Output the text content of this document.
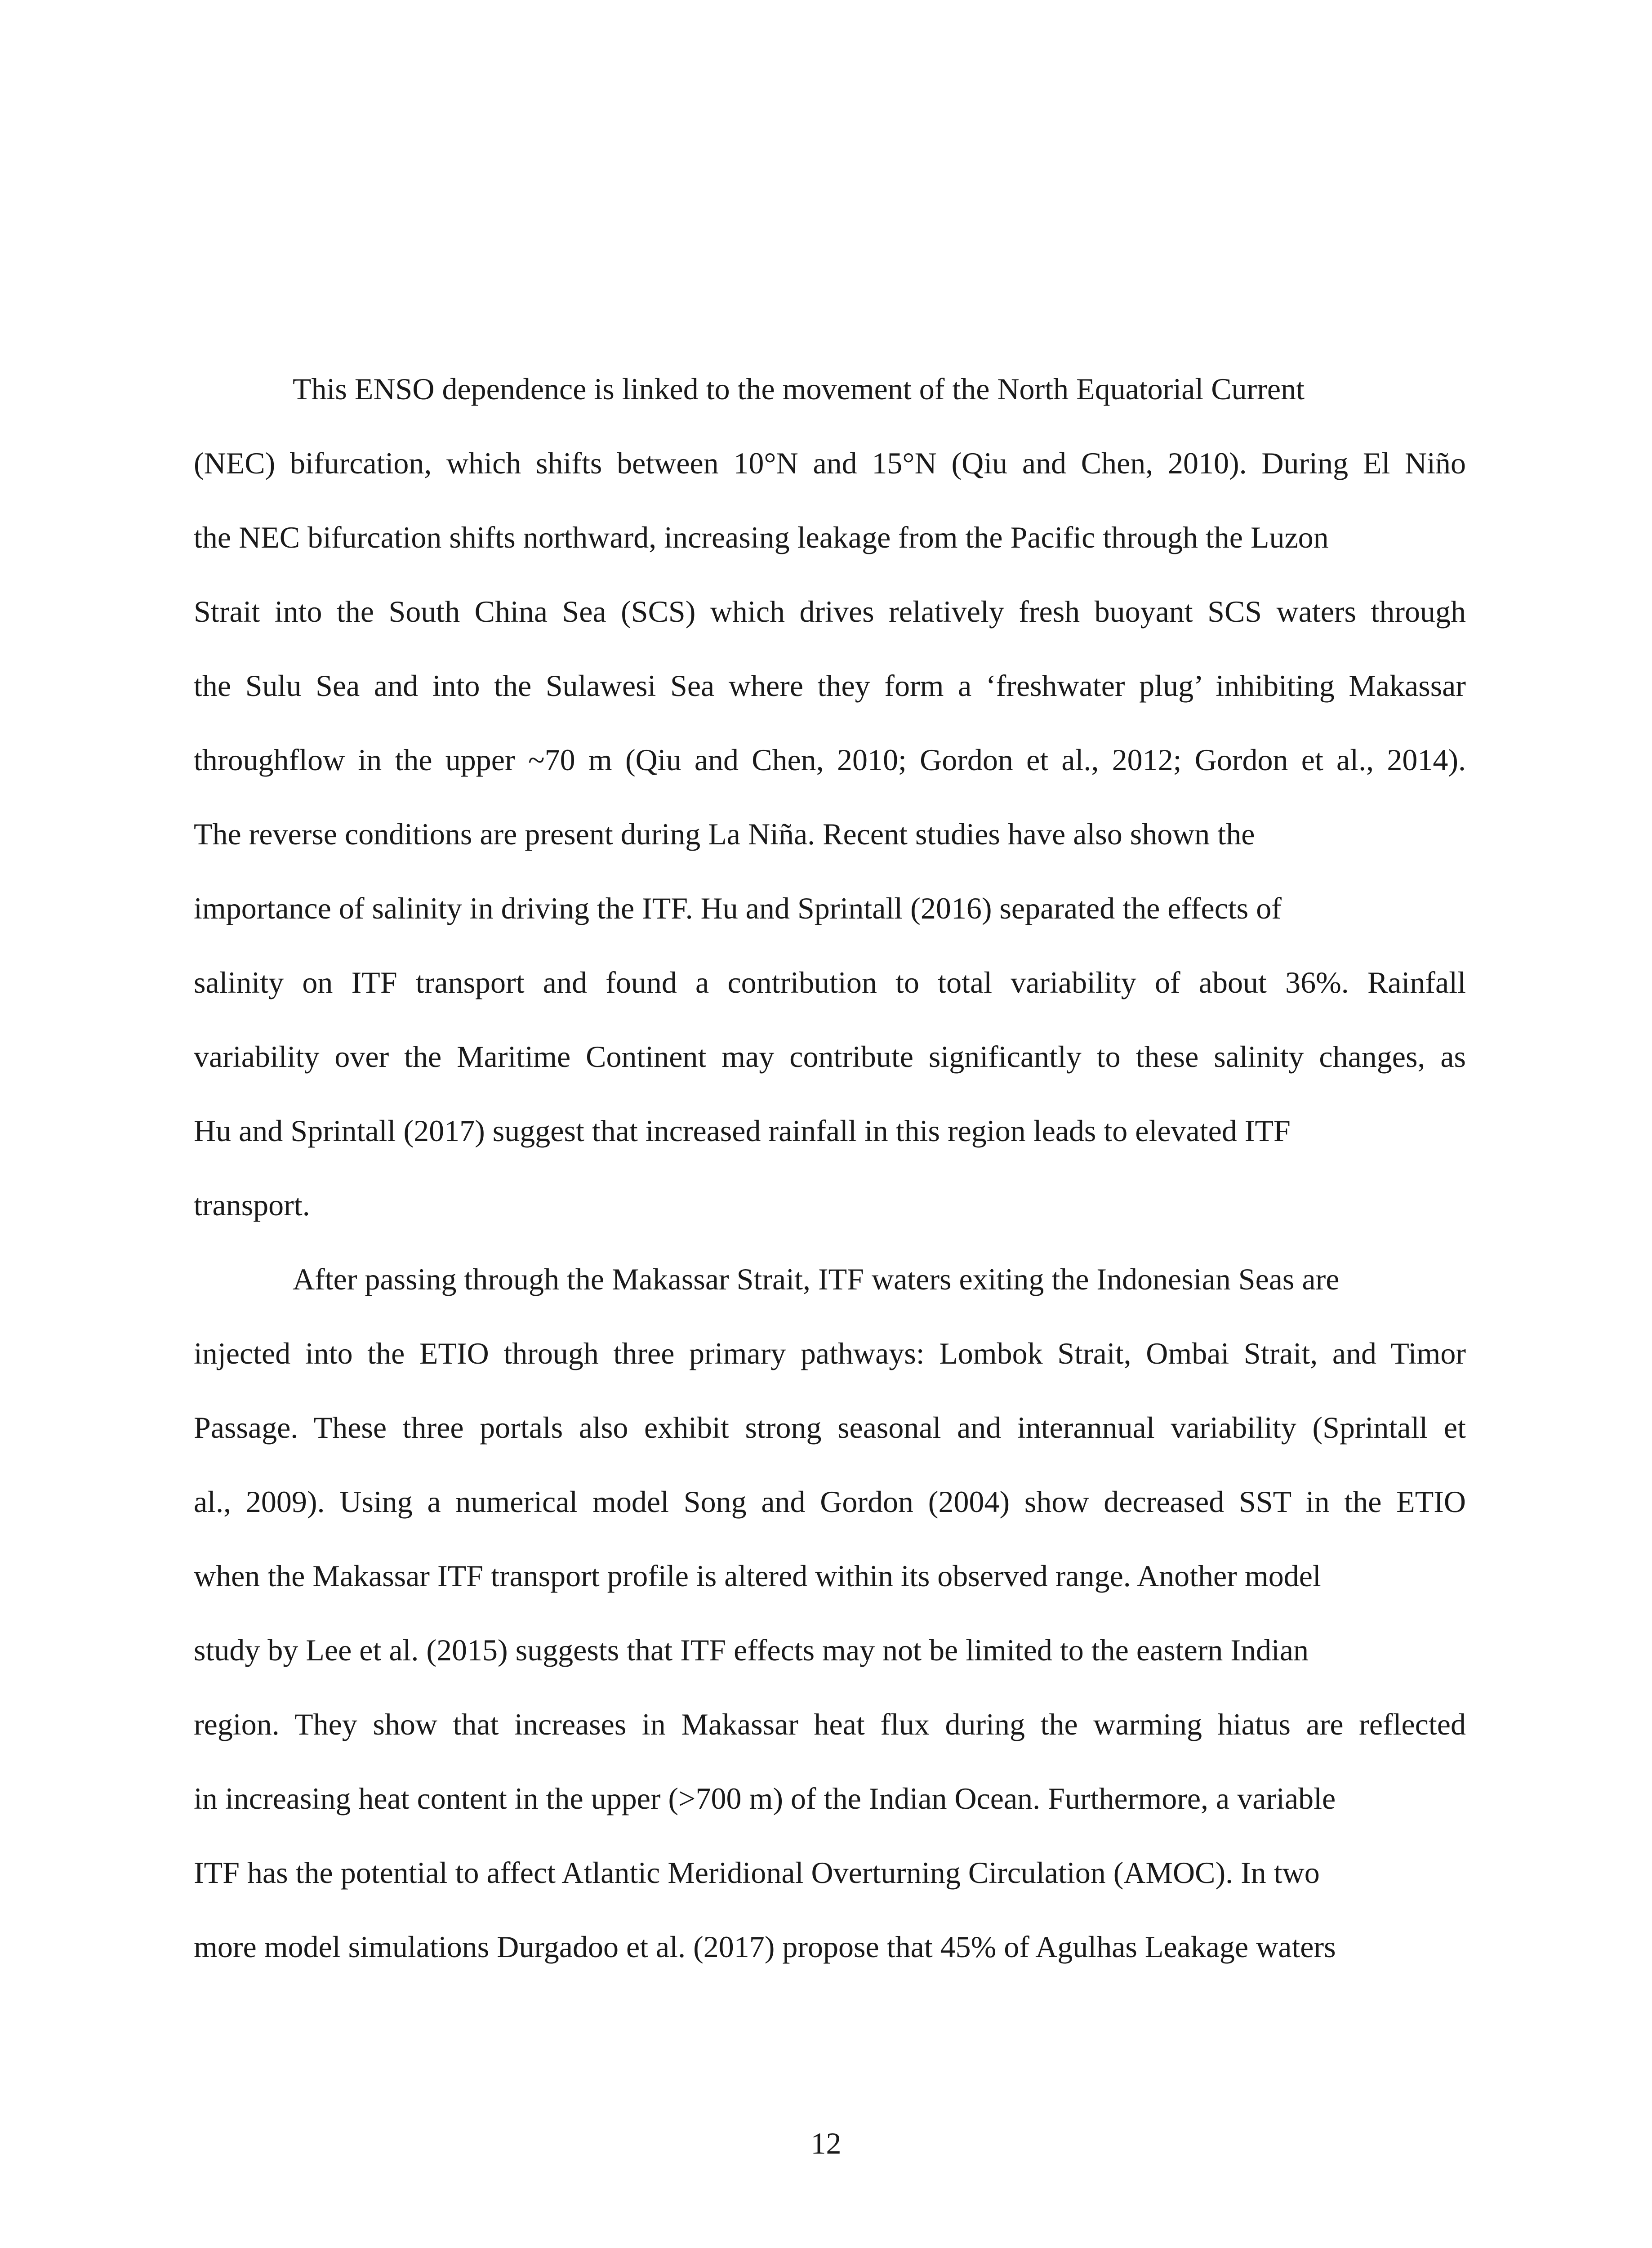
This ENSO dependence is linked to the movement of the North Equatorial Current

(NEC) bifurcation, which shifts between 10°N and 15°N (Qiu and Chen, 2010). During El Niño

the NEC bifurcation shifts northward, increasing leakage from the Pacific through the Luzon

Strait into the South China Sea (SCS) which drives relatively fresh buoyant SCS waters through

the Sulu Sea and into the Sulawesi Sea where they form a ‘freshwater plug’ inhibiting Makassar

throughflow in the upper ~70 m (Qiu and Chen, 2010; Gordon et al., 2012; Gordon et al., 2014).

The reverse conditions are present during La Niña. Recent studies have also shown the

importance of salinity in driving the ITF. Hu and Sprintall (2016) separated the effects of

salinity on ITF transport and found a contribution to total variability of about 36%. Rainfall

variability over the Maritime Continent may contribute significantly to these salinity changes, as

Hu and Sprintall (2017) suggest that increased rainfall in this region leads to elevated ITF

transport.

After passing through the Makassar Strait, ITF waters exiting the Indonesian Seas are

injected into the ETIO through three primary pathways: Lombok Strait, Ombai Strait, and Timor

Passage. These three portals also exhibit strong seasonal and interannual variability (Sprintall et

al., 2009). Using a numerical model Song and Gordon (2004) show decreased SST in the ETIO

when the Makassar ITF transport profile is altered within its observed range. Another model

study by Lee et al. (2015) suggests that ITF effects may not be limited to the eastern Indian

region. They show that increases in Makassar heat flux during the warming hiatus are reflected

in increasing heat content in the upper (>700 m) of the Indian Ocean. Furthermore, a variable

ITF has the potential to affect Atlantic Meridional Overturning Circulation (AMOC). In two

more model simulations Durgadoo et al. (2017) propose that 45% of Agulhas Leakage waters

12
